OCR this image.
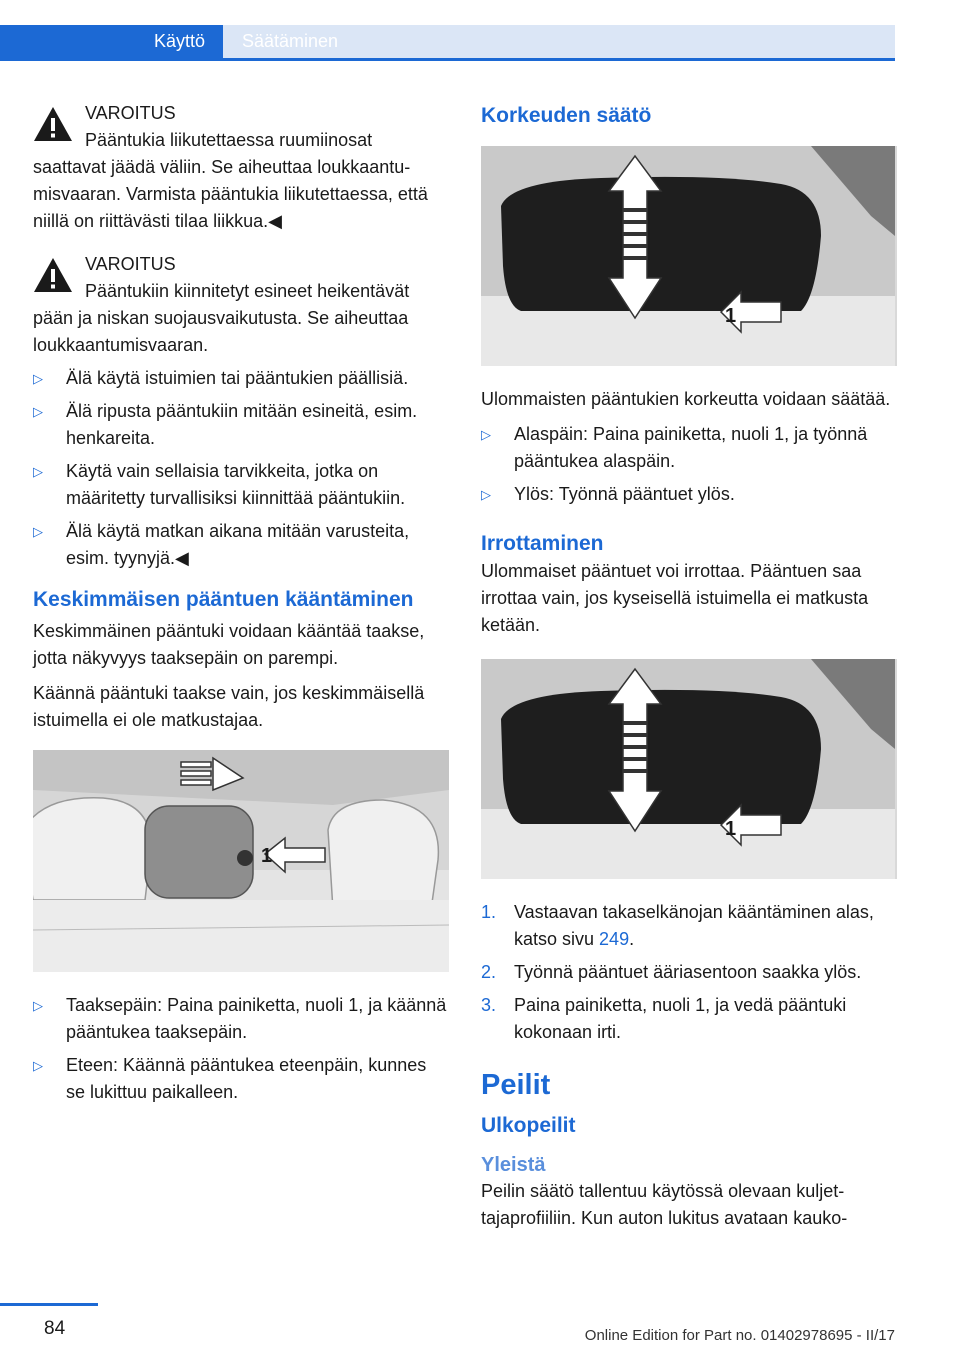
Käyttö	Säätäminen
VAROITUS
Pääntukia liikutettaessa ruumiinosat saattavat jäädä väliin. Se aiheuttaa loukkaantumisvaaran. Varmista pääntukia liikutettaessa, että niillä on riittävästi tilaa liikkua.◀
VAROITUS
Pääntukiin kiinnitetyt esineet heikentävät pään ja niskan suojausvaikutusta. Se aiheuttaa loukkaantumisvaaran.
▷ Älä käytä istuimien tai pääntukien päällisiä.
▷ Älä ripusta pääntukiin mitään esineitä, esim. henkareita.
▷ Käytä vain sellaisia tarvikkeita, jotka on määritetty turvallisiksi kiinnittää pääntukiin.
▷ Älä käytä matkan aikana mitään varusteita, esim. tyynyjä.◀
Keskimmäisen pääntuen kääntäminen

Keskimmäinen pääntuki voidaan kääntää taakse, jotta näkyvyys taaksepäin on parempi.

Käännä pääntuki taakse vain, jos keskimmäisellä istuimella ei ole matkustajaa.

1
▷ Taaksepäin: Paina painiketta, nuoli 1, ja käännä pääntukea taaksepäin.
▷ Eteen: Käännä pääntukea eteenpäin, kunnes se lukittuu paikalleen.
Korkeuden säätö
1

Ulommaisten pääntukien korkeutta voidaan säätää.

▷ Alaspäin: Paina painiketta, nuoli 1, ja työnnä pääntukea alaspäin.
▷ Ylös: Työnnä pääntuet ylös.
Irrottaminen

Ulommaiset pääntuet voi irrottaa. Pääntuen saa irrottaa vain, jos kyseisellä istuimella ei matkusta ketään.

1
1. Vastaavan takaselkänojan kääntäminen alas, katso sivu 249.
2. Työnnä pääntuet ääriasentoon saakka ylös.
3. Paina painiketta, nuoli 1, ja vedä pääntuki kokonaan irti.
Peilit
Ulkopeilit
Yleistä

Peilin säätö tallentuu käytössä olevaan kuljettajaprofiiliin. Kun auton lukitus avataan kauko-

84	Online Edition for Part no. 01402978695 - II/17
